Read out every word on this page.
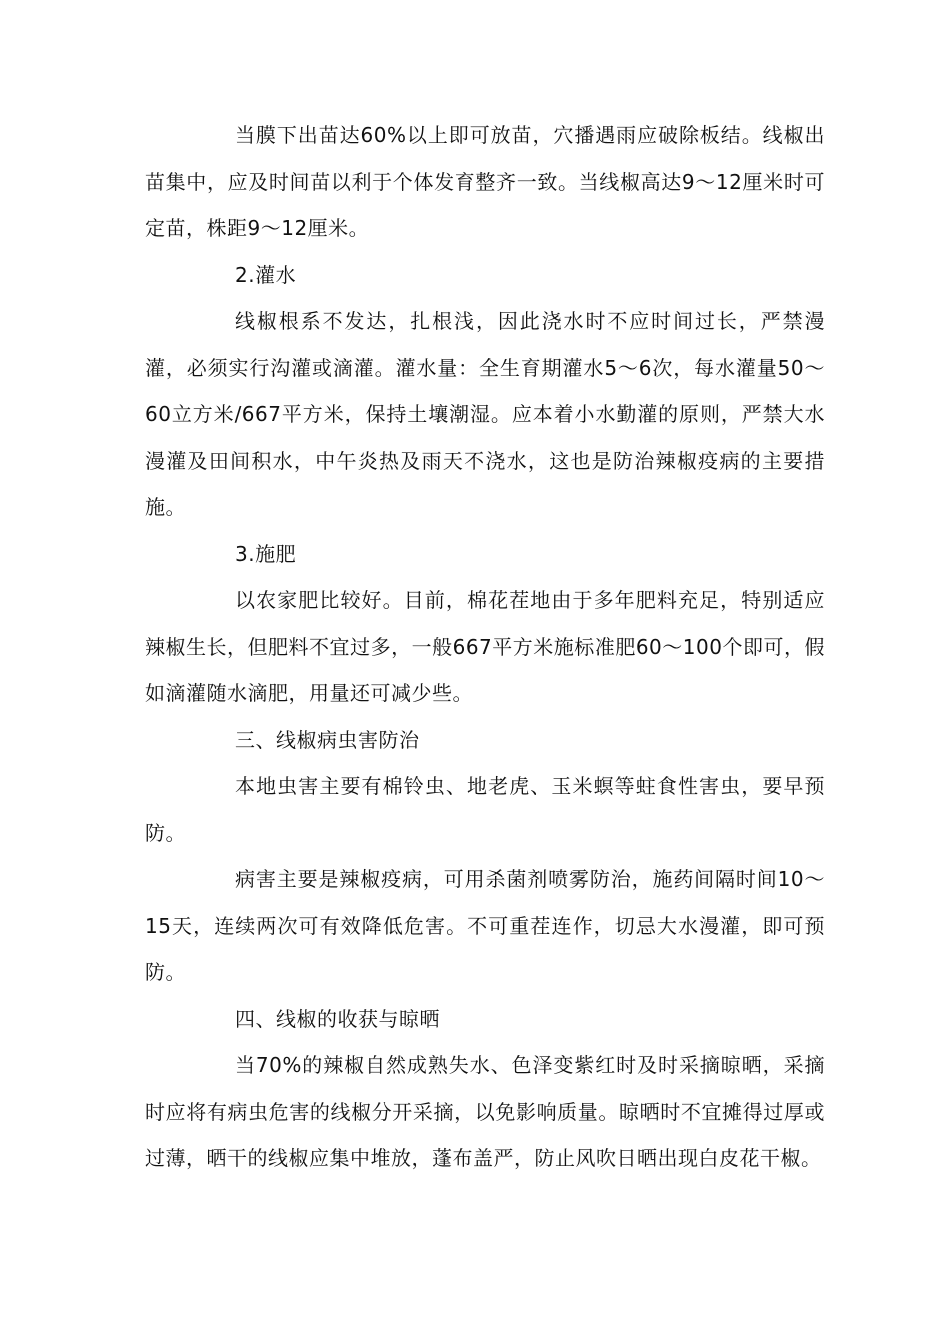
当膜下出苗达60%以上即可放苗，穴播遇雨应破除板结。线椒出苗集中，应及时间苗以利于个体发育整齐一致。当线椒高达9～12厘米时可定苗，株距9～12厘米。

2.灌水

线椒根系不发达，扎根浅，因此浇水时不应时间过长，严禁漫灌，必须实行沟灌或滴灌。灌水量：全生育期灌水5～6次，每水灌量50～60立方米/667平方米，保持土壤潮湿。应本着小水勤灌的原则，严禁大水漫灌及田间积水，中午炎热及雨天不浇水，这也是防治辣椒疫病的主要措施。

3.施肥

以农家肥比较好。目前，棉花茬地由于多年肥料充足，特别适应辣椒生长，但肥料不宜过多，一般667平方米施标准肥60～100个即可，假如滴灌随水滴肥，用量还可减少些。

三、线椒病虫害防治

本地虫害主要有棉铃虫、地老虎、玉米螟等蛀食性害虫，要早预防。

病害主要是辣椒疫病，可用杀菌剂喷雾防治，施药间隔时间10～15天，连续两次可有效降低危害。不可重茬连作，切忌大水漫灌，即可预防。

四、线椒的收获与晾晒

当70%的辣椒自然成熟失水、色泽变紫红时及时采摘晾晒，采摘时应将有病虫危害的线椒分开采摘，以免影响质量。晾晒时不宜摊得过厚或过薄，晒干的线椒应集中堆放，蓬布盖严，防止风吹日晒出现白皮花干椒。
